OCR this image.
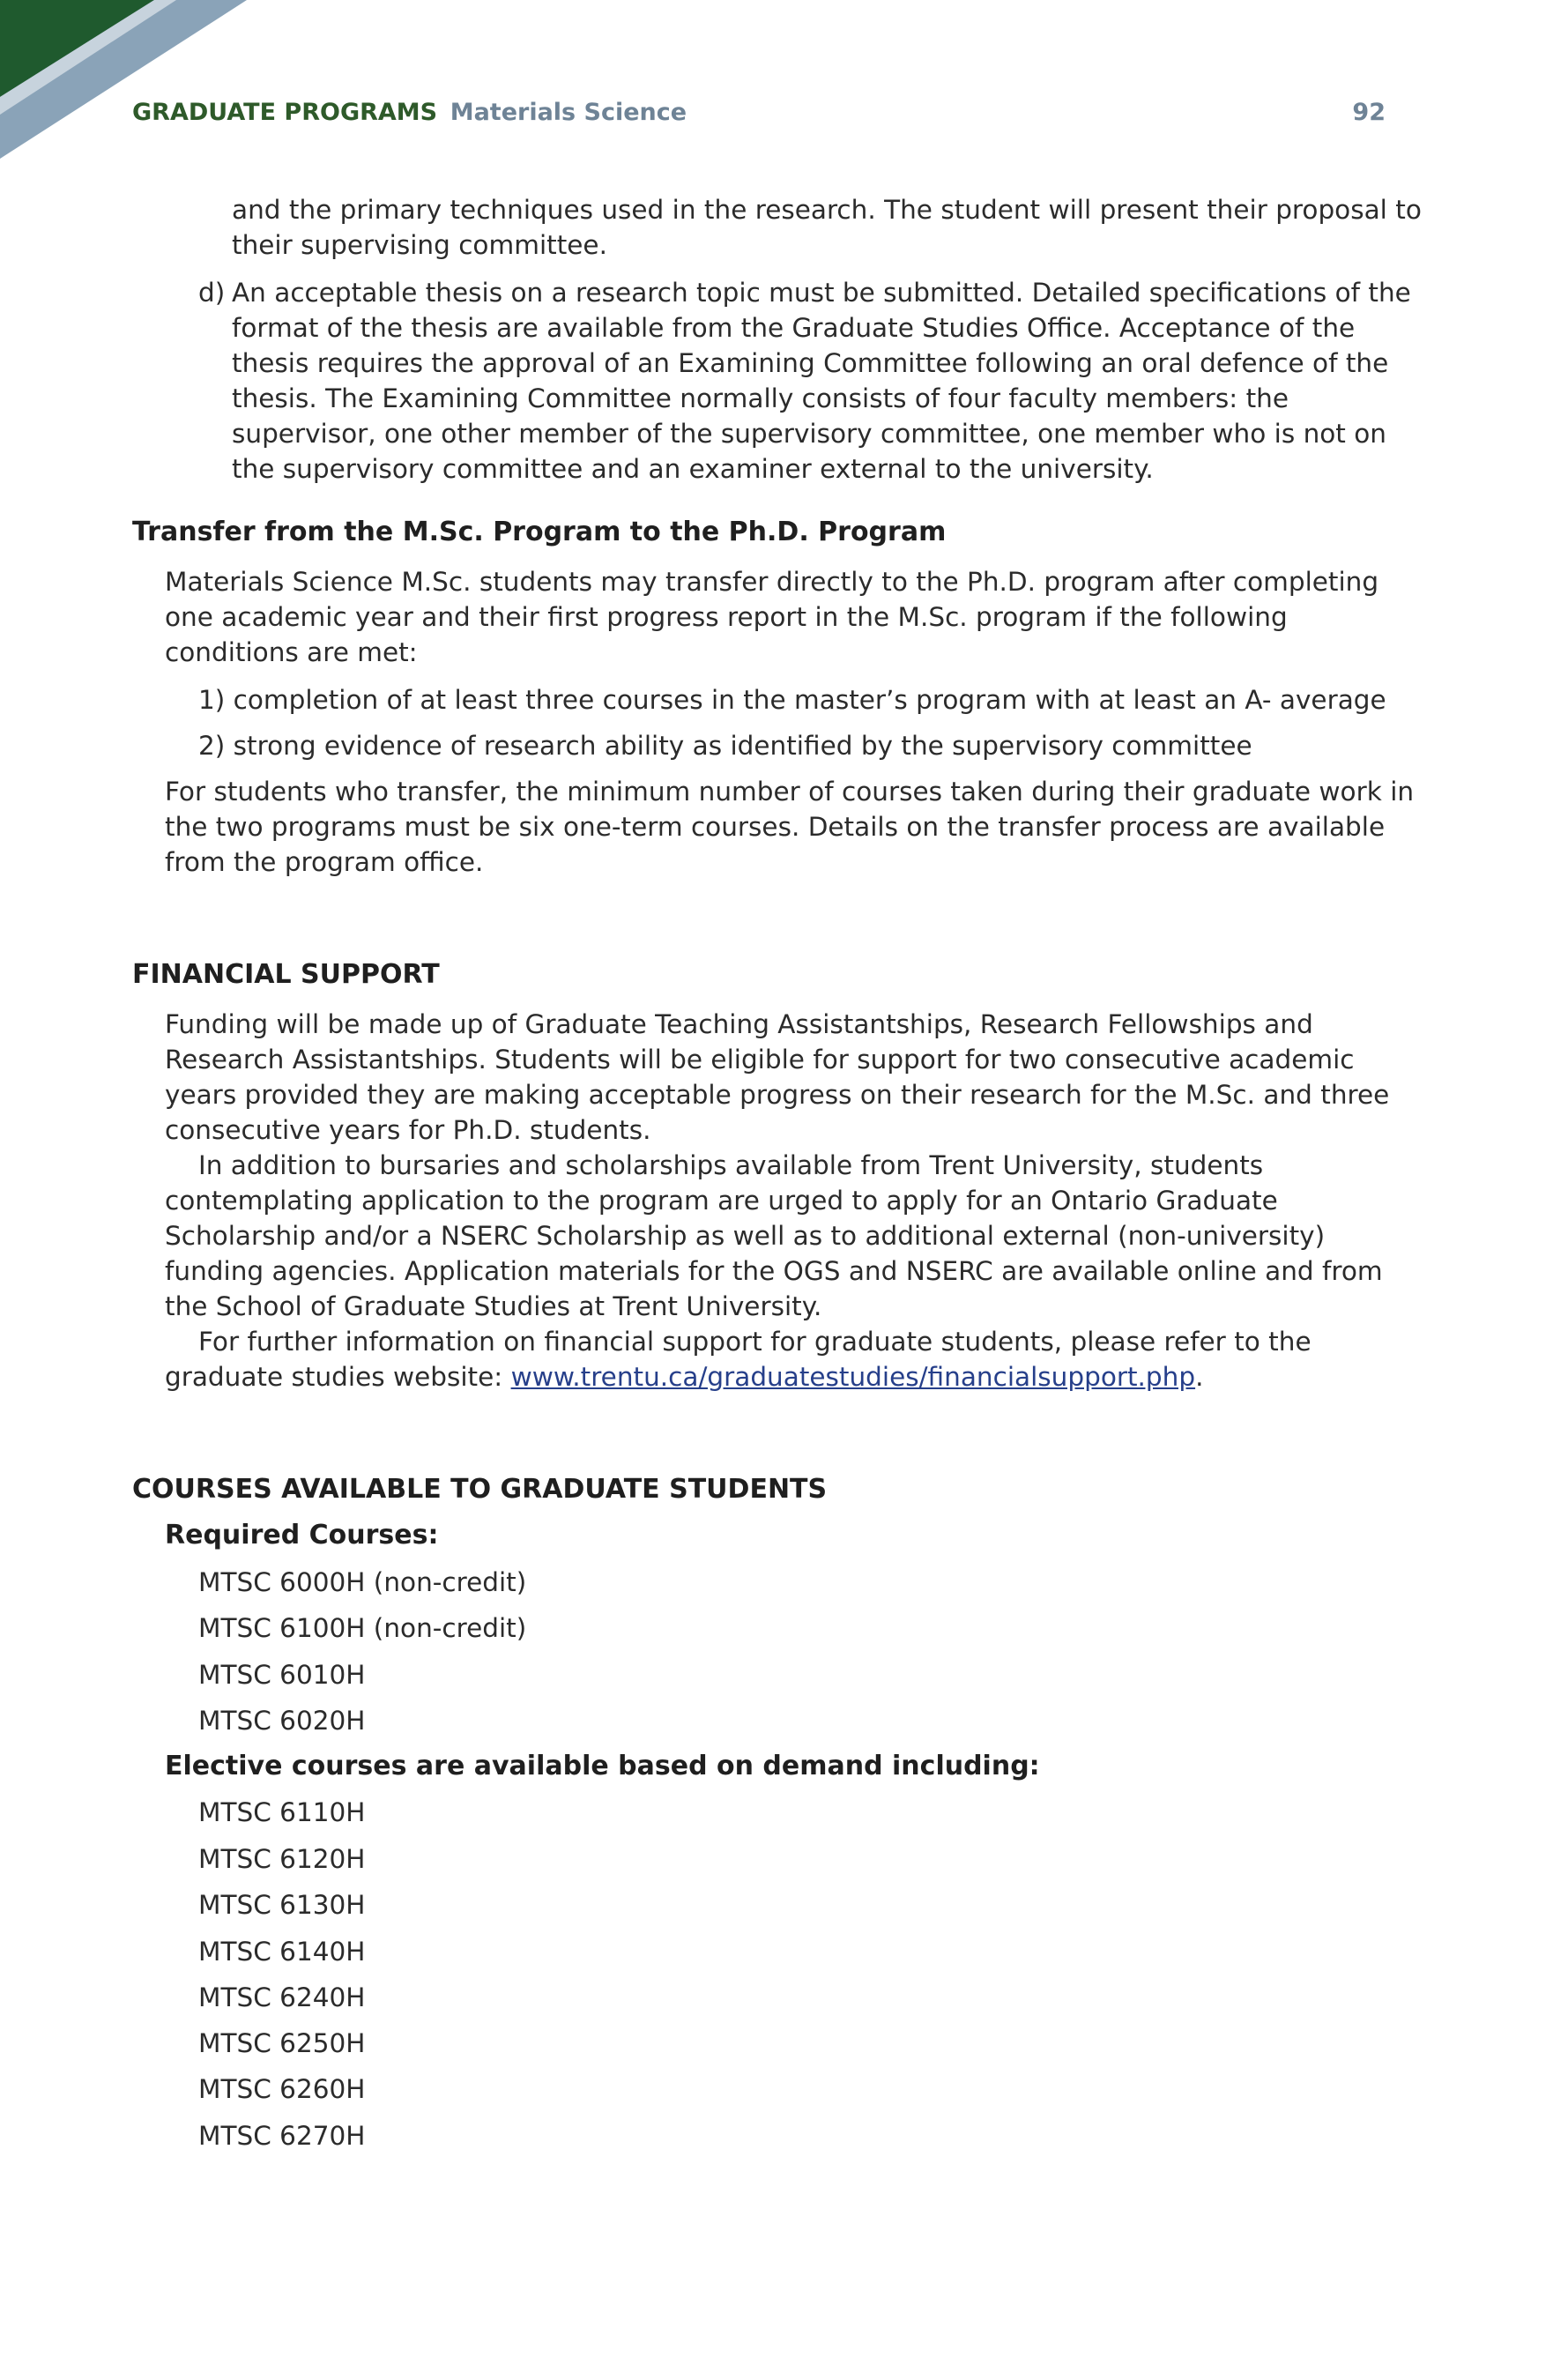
GRADUATE PROGRAMS Materials Science	92
and the primary techniques used in the research. The student will present their proposal to their supervising committee.
d) An acceptable thesis on a research topic must be submitted. Detailed specifications of the format of the thesis are available from the Graduate Studies Office. Acceptance of the thesis requires the approval of an Examining Committee following an oral defence of the thesis. The Examining Committee normally consists of four faculty members: the supervisor, one other member of the supervisory committee, one member who is not on the supervisory committee and an examiner external to the university.
Transfer from the M.Sc. Program to the Ph.D. Program
Materials Science M.Sc. students may transfer directly to the Ph.D. program after completing one academic year and their first progress report in the M.Sc. program if the following conditions are met:
1) completion of at least three courses in the master’s program with at least an A- average
2) strong evidence of research ability as identified by the supervisory committee
For students who transfer, the minimum number of courses taken during their graduate work in the two programs must be six one-term courses. Details on the transfer process are available from the program office.
FINANCIAL SUPPORT
Funding will be made up of Graduate Teaching Assistantships, Research Fellowships and Research Assistantships. Students will be eligible for support for two consecutive academic years provided they are making acceptable progress on their research for the M.Sc. and three consecutive years for Ph.D. students.
In addition to bursaries and scholarships available from Trent University, students contemplating application to the program are urged to apply for an Ontario Graduate Scholarship and/or a NSERC Scholarship as well as to additional external (non-university) funding agencies. Application materials for the OGS and NSERC are available online and from the School of Graduate Studies at Trent University.
For further information on financial support for graduate students, please refer to the graduate studies website: www.trentu.ca/graduatestudies/financialsupport.php.
COURSES AVAILABLE TO GRADUATE STUDENTS
Required Courses:
MTSC 6000H (non-credit)
MTSC 6100H (non-credit)
MTSC 6010H
MTSC 6020H
Elective courses are available based on demand including:
MTSC 6110H
MTSC 6120H
MTSC 6130H
MTSC 6140H
MTSC 6240H
MTSC 6250H
MTSC 6260H
MTSC 6270H
